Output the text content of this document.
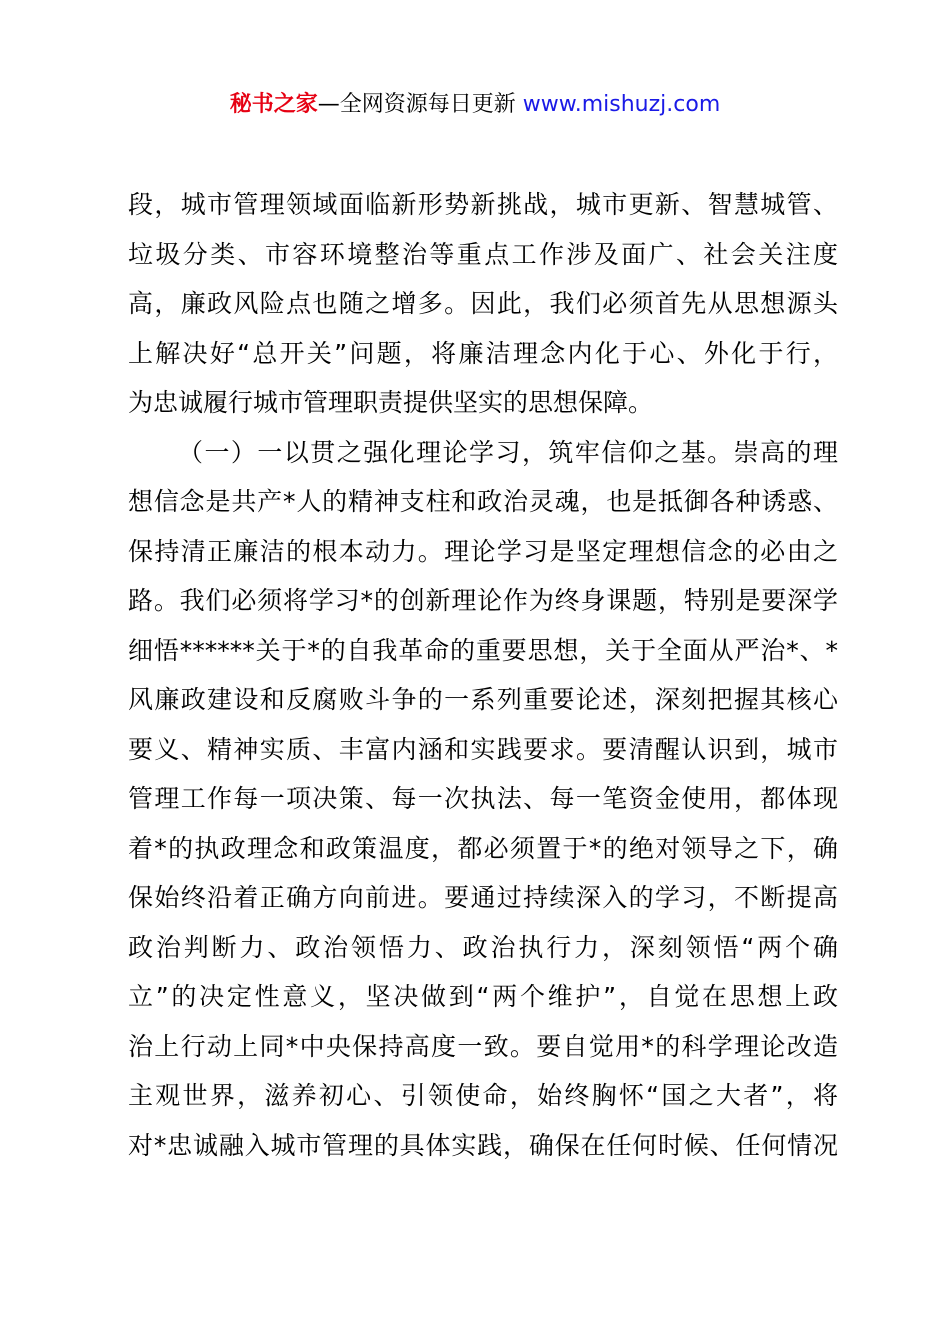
秘书之家—全网资源每日更新 www.mishuzj.com
段，城市管理领域面临新形势新挑战，城市更新、智慧城管、
垃圾分类、市容环境整治等重点工作涉及面广、社会关注度
高，廉政风险点也随之增多。因此，我们必须首先从思想源头
上解决好“总开关”问题，将廉洁理念内化于心、外化于行，
为忠诚履行城市管理职责提供坚实的思想保障。
（一）一以贯之强化理论学习，筑牢信仰之基。崇高的理
想信念是共产*人的精神支柱和政治灵魂，也是抵御各种诱惑、
保持清正廉洁的根本动力。理论学习是坚定理想信念的必由之
路。我们必须将学习*的创新理论作为终身课题，特别是要深学
细悟******关于*的自我革命的重要思想，关于全面从严治*、*
风廉政建设和反腐败斗争的一系列重要论述，深刻把握其核心
要义、精神实质、丰富内涵和实践要求。要清醒认识到，城市
管理工作每一项决策、每一次执法、每一笔资金使用，都体现
着*的执政理念和政策温度，都必须置于*的绝对领导之下，确
保始终沿着正确方向前进。要通过持续深入的学习，不断提高
政治判断力、政治领悟力、政治执行力，深刻领悟“两个确
立”的决定性意义，坚决做到“两个维护”，自觉在思想上政
治上行动上同*中央保持高度一致。要自觉用*的科学理论改造
主观世界，滋养初心、引领使命，始终胸怀“国之大者”，将
对*忠诚融入城市管理的具体实践，确保在任何时候、任何情况
